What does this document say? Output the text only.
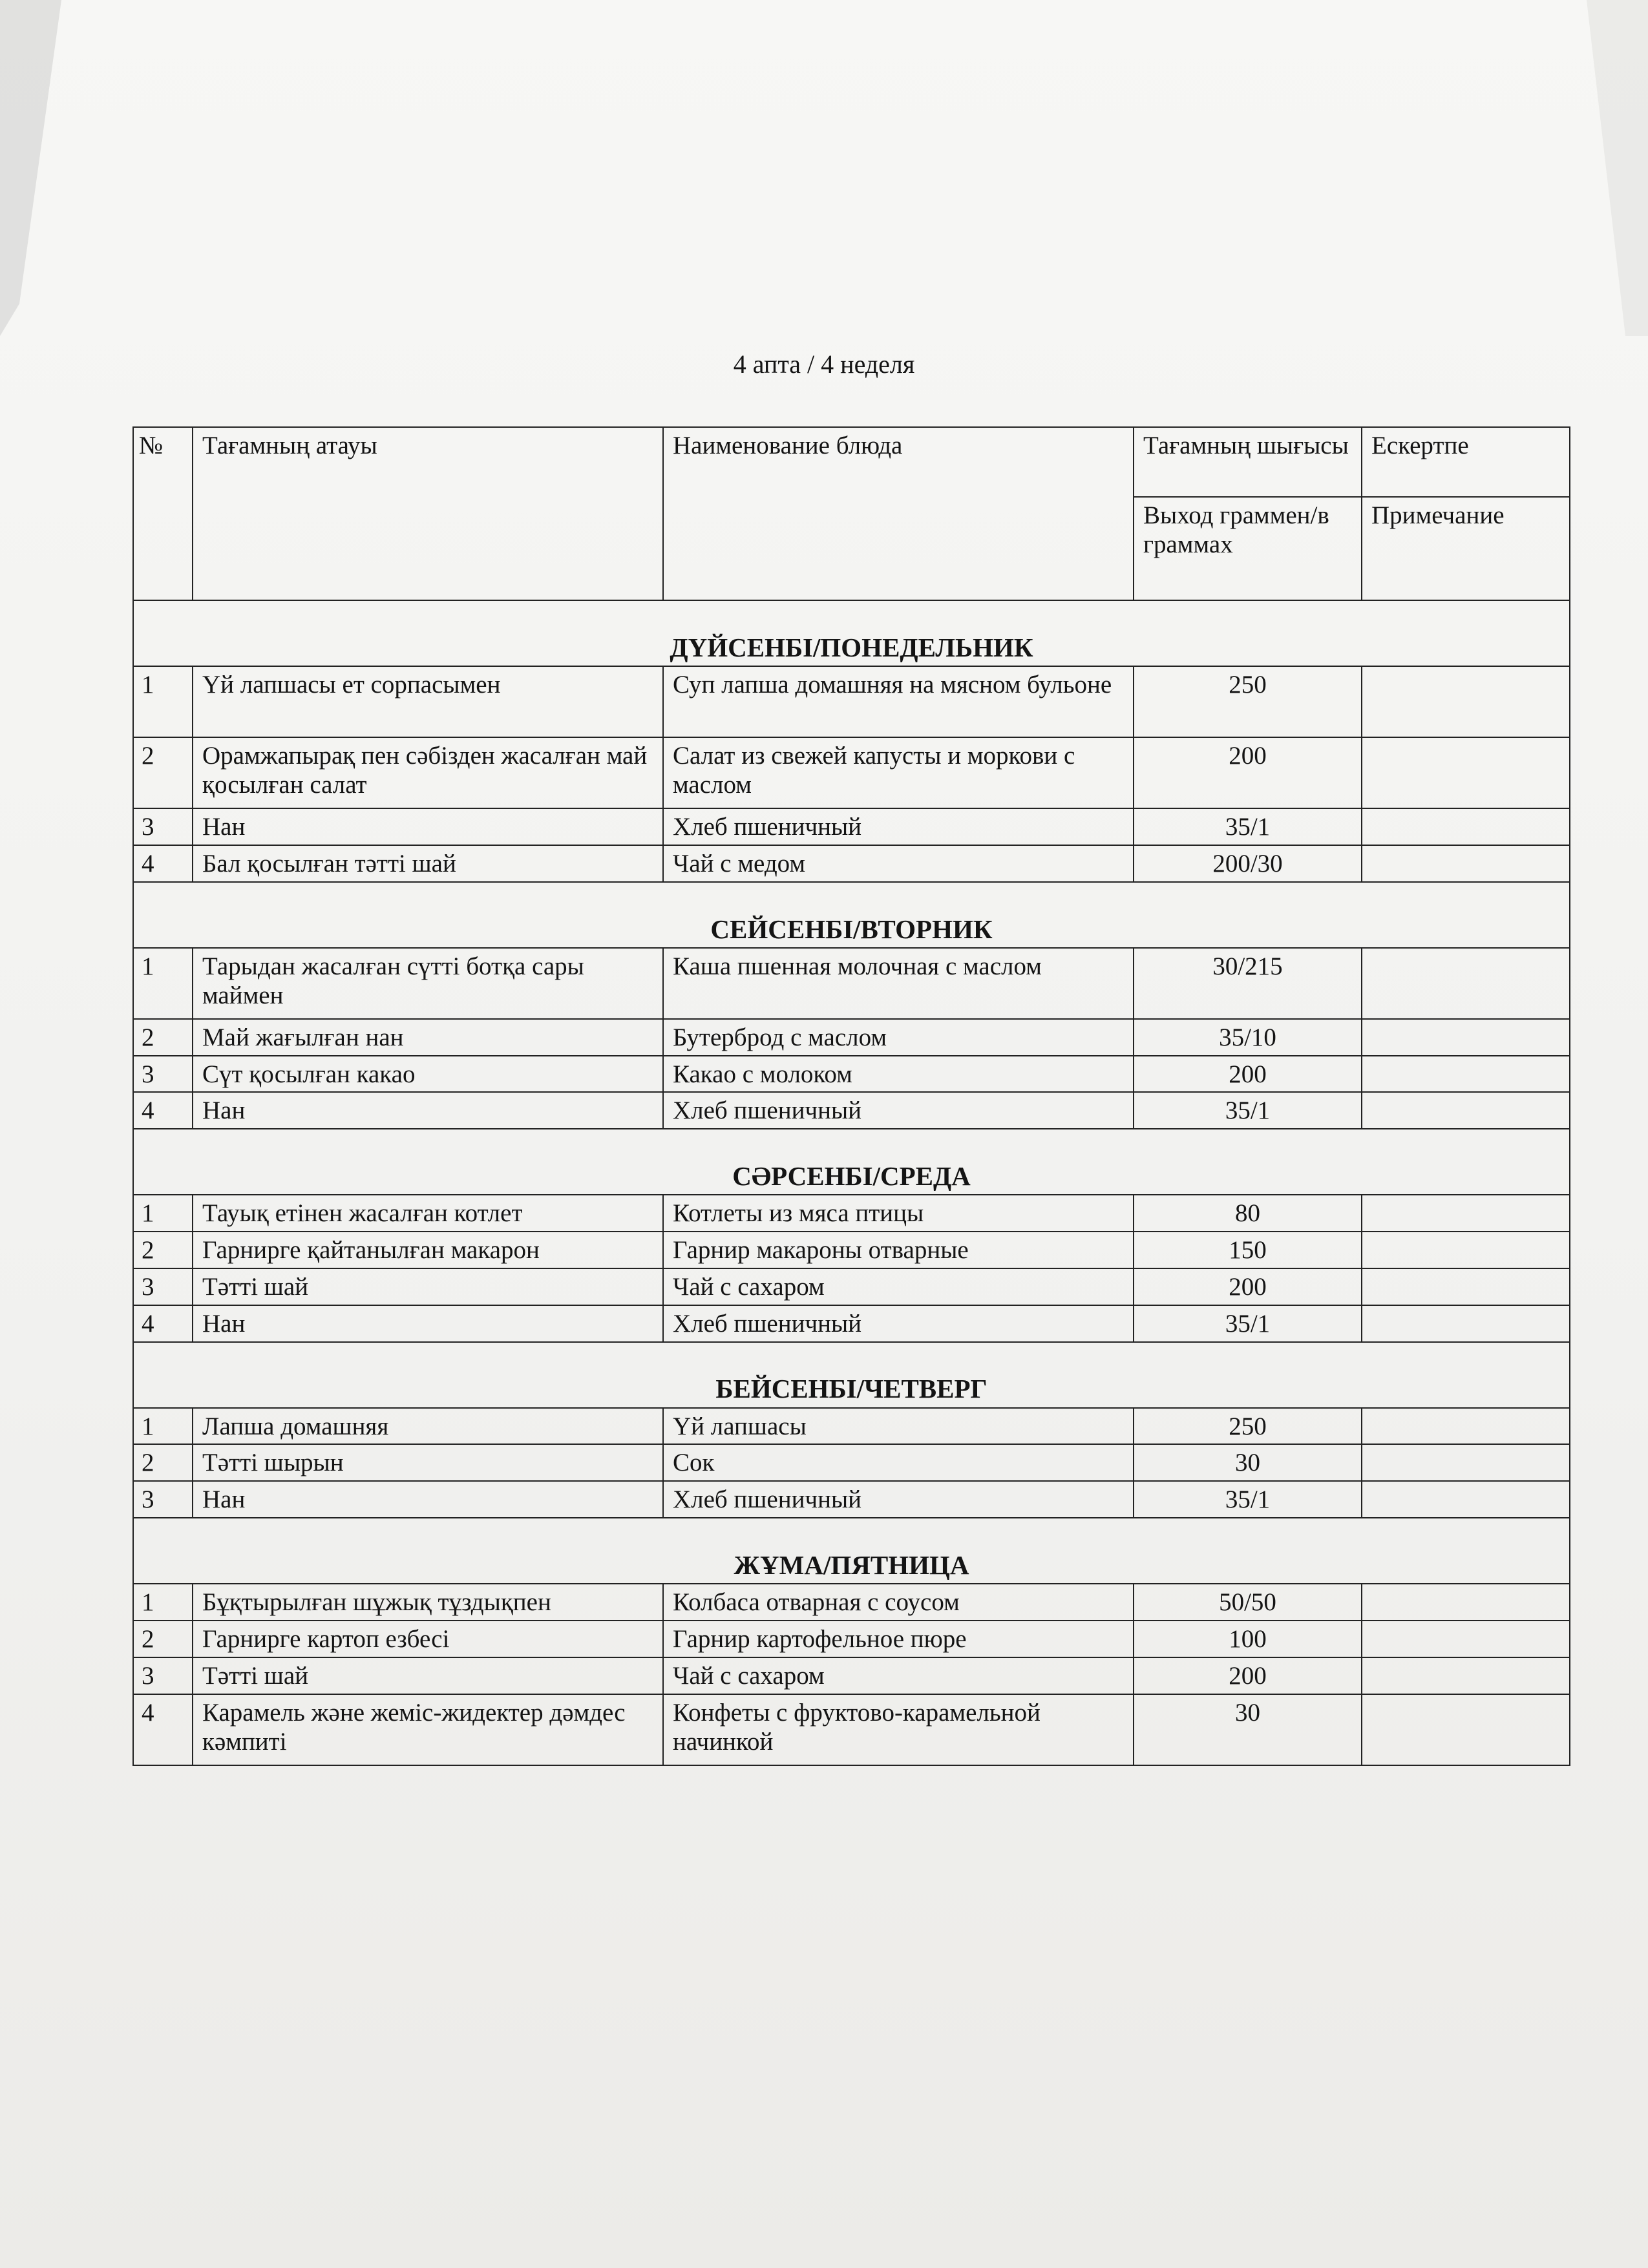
4 апта / 4 неделя
№	Тағамның атауы	Наименование блюда	Тағамның шығысы	Ескертпе
			Выход граммен/в граммах	Примечание
ДҮЙСЕНБІ/ПОНЕДЕЛЬНИК				
1	Үй лапшасы ет сорпасымен	Суп лапша домашняя на мясном бульоне	250	
2	Орамжапырақ пен сәбізден жасалған май қосылған салат	Салат из свежей капусты и моркови с маслом	200	
3	Нан	Хлеб пшеничный	35/1	
4	Бал қосылған тәтті шай	Чай с медом	200/30	
СЕЙСЕНБІ/ВТОРНИК				
1	Тарыдан жасалған сүтті ботқа сары маймен	Каша пшенная молочная с маслом	30/215	
2	Май жағылған нан	Бутерброд с маслом	35/10	
3	Сүт қосылған какао	Какао с молоком	200	
4	Нан	Хлеб пшеничный	35/1	
СӘРСЕНБІ/СРЕДА				
1	Тауық етінен жасалған котлет	Котлеты из мяса птицы	80	
2	Гарнирге қайтанылған макарон	Гарнир макароны отварные	150	
3	Тәтті шай	Чай с сахаром	200	
4	Нан	Хлеб пшеничный	35/1	
БЕЙСЕНБІ/ЧЕТВЕРГ				
1	Лапша домашняя	Үй лапшасы	250	
2	Тәтті шырын	Сок	30	
3	Нан	Хлеб пшеничный	35/1	
ЖҰМА/ПЯТНИЦА				
1	Бұқтырылған шұжық тұздықпен	Колбаса отварная с соусом	50/50	
2	Гарнирге картоп езбесі	Гарнир картофельное пюре	100	
3	Тәтті шай	Чай с сахаром	200	
4	Карамель және жеміс-жидектер дәмдес кәмпиті	Конфеты с фруктово-карамельной начинкой	30	
